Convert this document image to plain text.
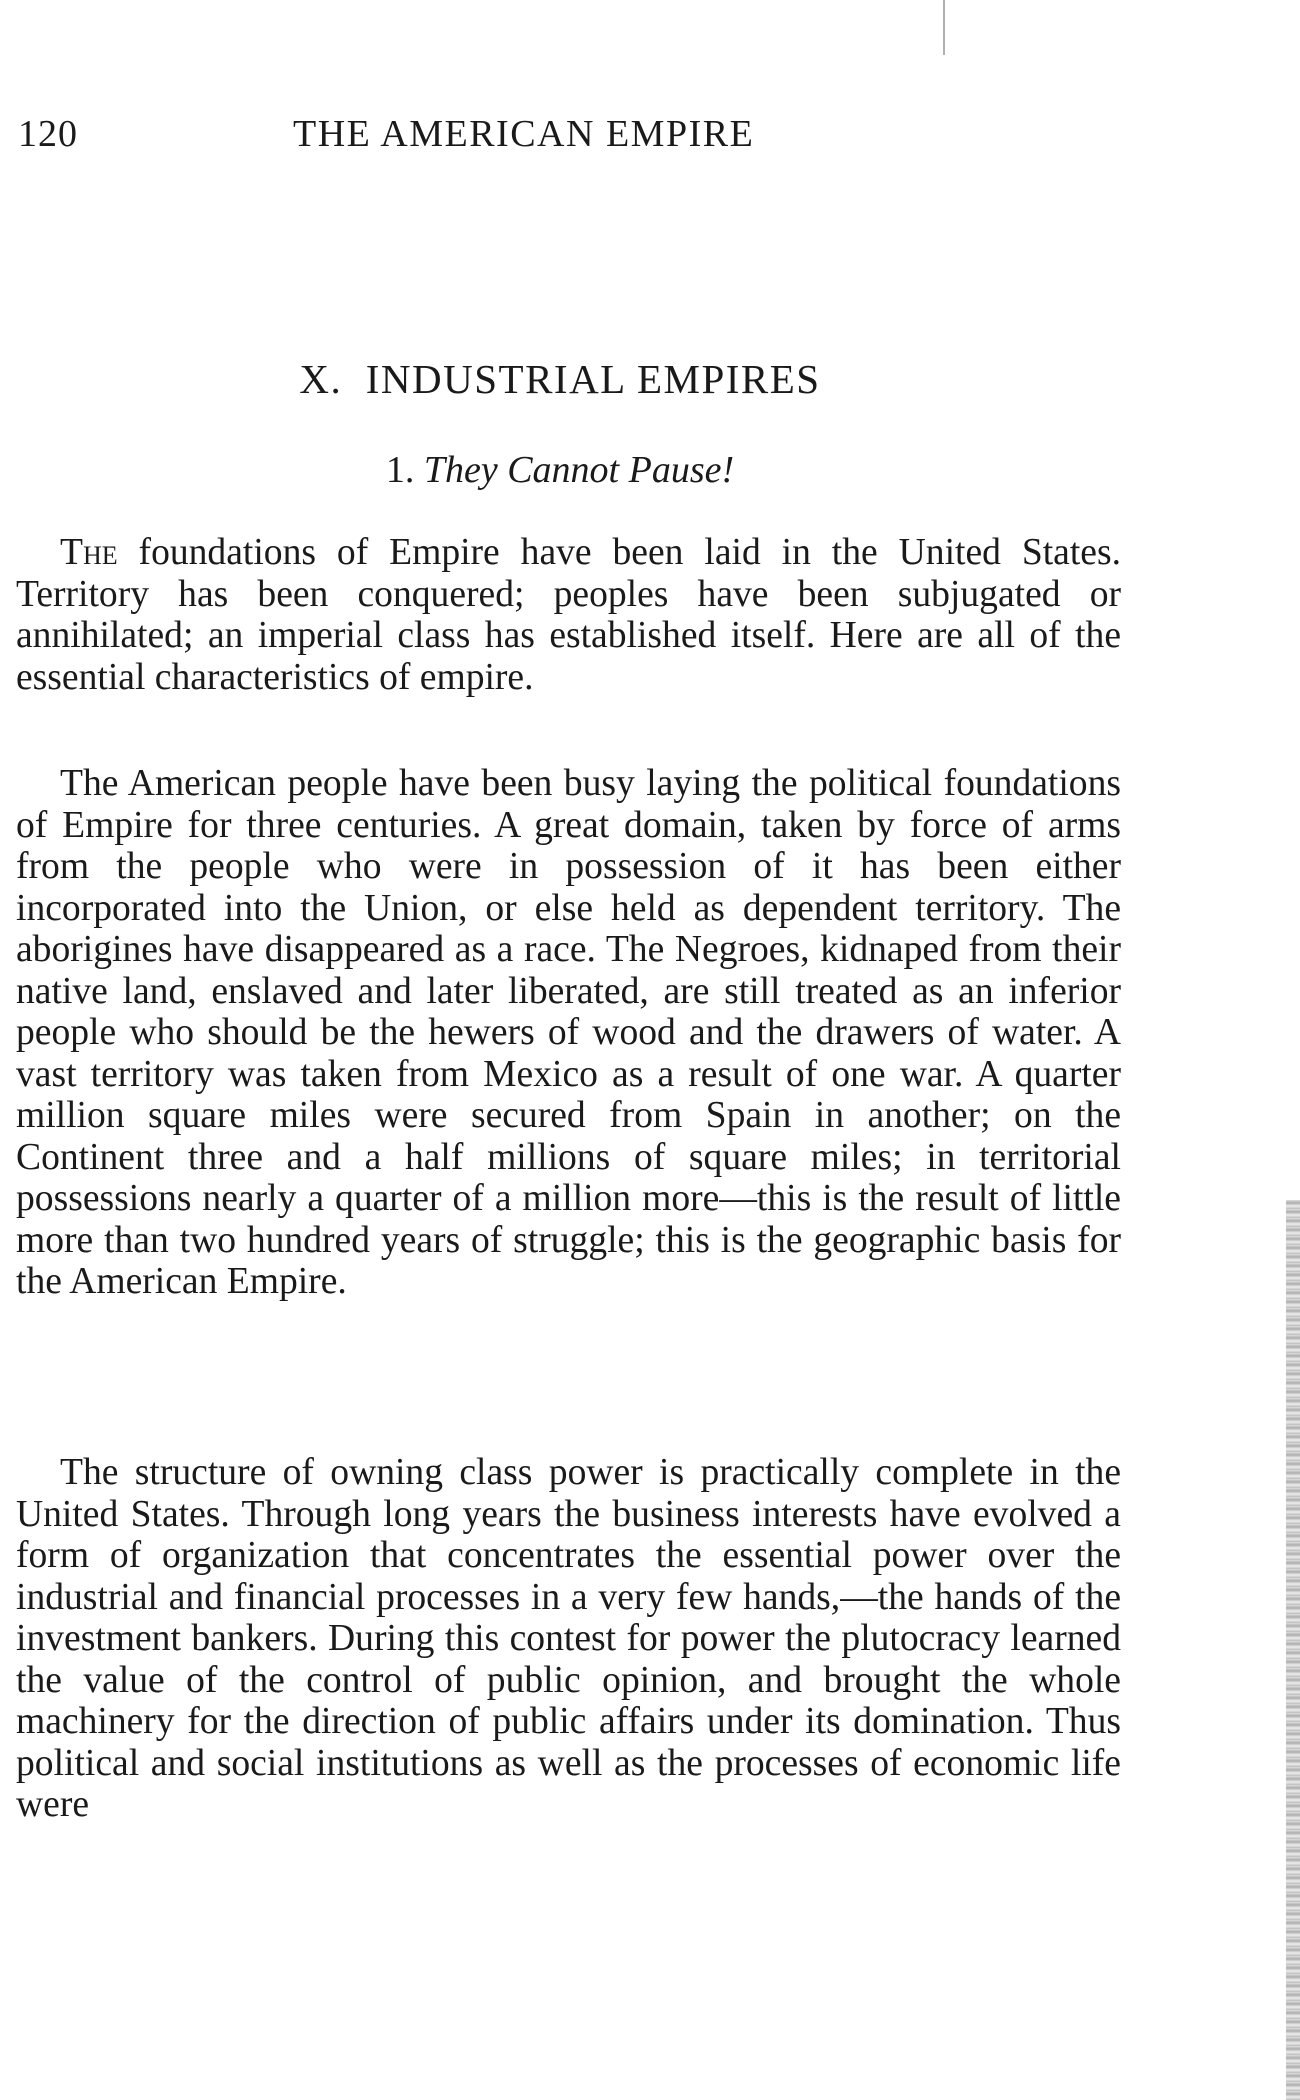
120	THE AMERICAN EMPIRE
X.  INDUSTRIAL EMPIRES
1. They Cannot Pause!

The foundations of Empire have been laid in the United States. Territory has been conquered; peoples have been subjugated or annihilated; an imperial class has established itself. Here are all of the essential characteristics of empire.

The American people have been busy laying the political foundations of Empire for three centuries. A great domain, taken by force of arms from the people who were in possession of it has been either incorporated into the Union, or else held as dependent territory. The aborigines have disappeared as a race. The Negroes, kidnaped from their native land, enslaved and later liberated, are still treated as an inferior people who should be the hewers of wood and the drawers of water. A vast territory was taken from Mexico as a result of one war. A quarter million square miles were secured from Spain in another; on the Continent three and a half millions of square miles; in territorial possessions nearly a quarter of a million more—this is the result of little more than two hundred years of struggle; this is the geographic basis for the American Empire.

The structure of owning class power is practically complete in the United States. Through long years the business interests have evolved a form of organization that concentrates the essential power over the industrial and financial processes in a very few hands,—the hands of the investment bankers. During this contest for power the plutocracy learned the value of the control of public opinion, and brought the whole machinery for the direction of public affairs under its domination. Thus political and social institutions as well as the processes of economic life were
